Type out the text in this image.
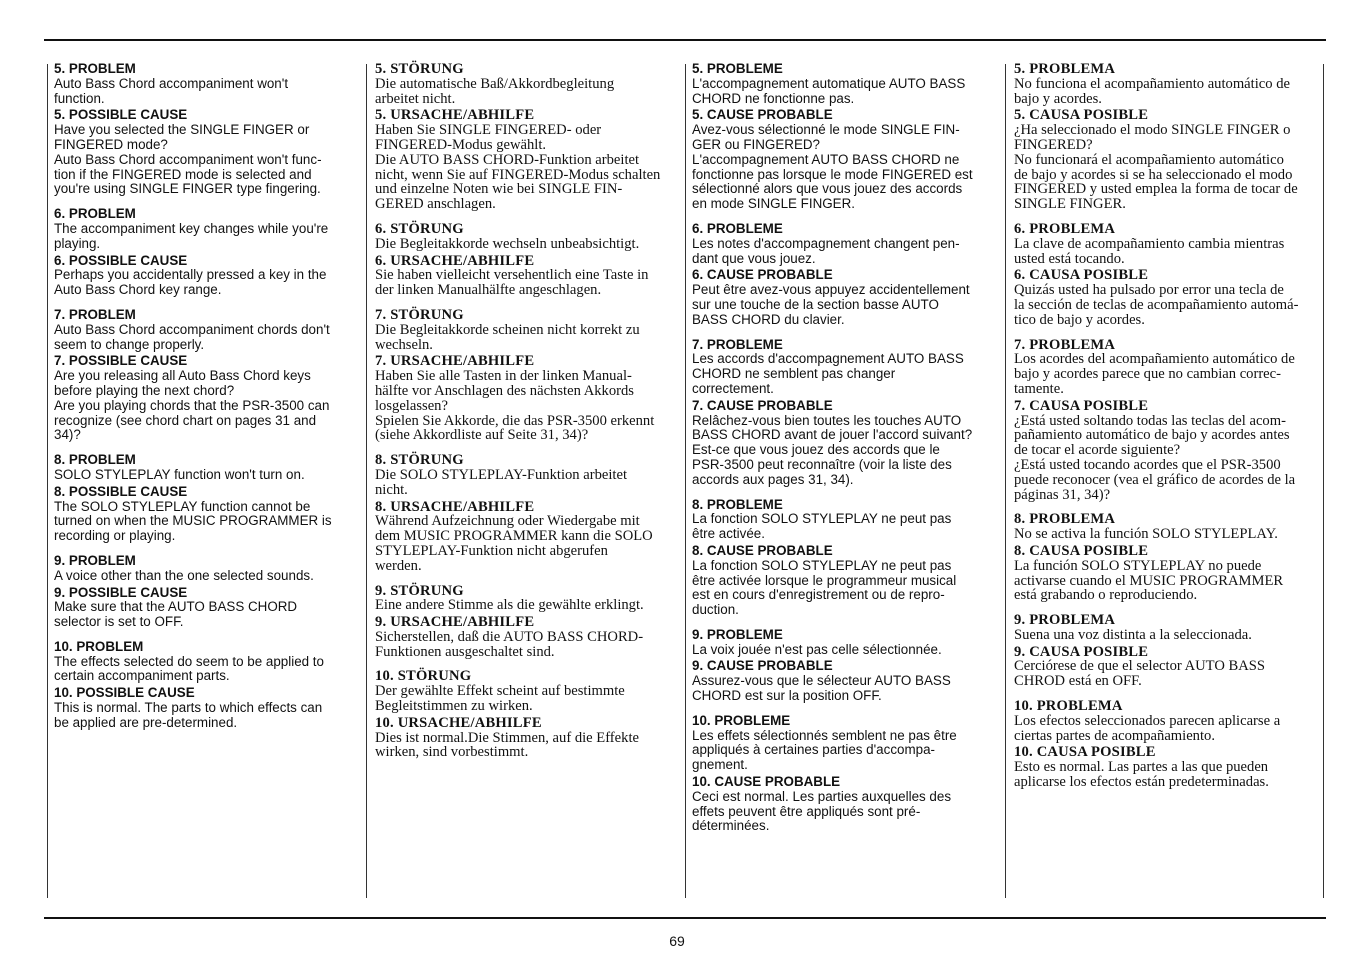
5. PROBLEM
Auto Bass Chord accompaniment won't
function.
5. POSSIBLE CAUSE
Have you selected the SINGLE FINGER or
FINGERED mode?
Auto Bass Chord accompaniment won't func-
tion if the FINGERED mode is selected and
you're using SINGLE FINGER type fingering.
6. PROBLEM
The accompaniment key changes while you're
playing.
6. POSSIBLE CAUSE
Perhaps you accidentally pressed a key in the
Auto Bass Chord key range.
7. PROBLEM
Auto Bass Chord accompaniment chords don't
seem to change properly.
7. POSSIBLE CAUSE
Are you releasing all Auto Bass Chord keys
before playing the next chord?
Are you playing chords that the PSR-3500 can
recognize (see chord chart on pages 31 and
34)?
8. PROBLEM
SOLO STYLEPLAY function won't turn on.
8. POSSIBLE CAUSE
The SOLO STYLEPLAY function cannot be
turned on when the MUSIC PROGRAMMER is
recording or playing.
9. PROBLEM
A voice other than the one selected sounds.
9. POSSIBLE CAUSE
Make sure that the AUTO BASS CHORD
selector is set to OFF.
10. PROBLEM
The effects selected do seem to be applied to
certain accompaniment parts.
10. POSSIBLE CAUSE
This is normal. The parts to which effects can
be applied are pre-determined.
5. STÖRUNG
Die automatische Baß/Akkordbegleitung
arbeitet nicht.
5. URSACHE/ABHILFE
Haben Sie SINGLE FINGERED- oder
FINGERED-Modus gewählt.
Die AUTO BASS CHORD-Funktion arbeitet
nicht, wenn Sie auf FINGERED-Modus schalten
und einzelne Noten wie bei SINGLE FIN-
GERED anschlagen.
6. STÖRUNG
Die Begleitakkorde wechseln unbeabsichtigt.
6. URSACHE/ABHILFE
Sie haben vielleicht versehentlich eine Taste in
der linken Manualhälfte angeschlagen.
7. STÖRUNG
Die Begleitakkorde scheinen nicht korrekt zu
wechseln.
7. URSACHE/ABHILFE
Haben Sie alle Tasten in der linken Manual-
hälfte vor Anschlagen des nächsten Akkords
losgelassen?
Spielen Sie Akkorde, die das PSR-3500 erkennt
(siehe Akkordliste auf Seite 31, 34)?
8. STÖRUNG
Die SOLO STYLEPLAY-Funktion arbeitet
nicht.
8. URSACHE/ABHILFE
Während Aufzeichnung oder Wiedergabe mit
dem MUSIC PROGRAMMER kann die SOLO
STYLEPLAY-Funktion nicht abgerufen
werden.
9. STÖRUNG
Eine andere Stimme als die gewählte erklingt.
9. URSACHE/ABHILFE
Sicherstellen, daß die AUTO BASS CHORD-
Funktionen ausgeschaltet sind.
10. STÖRUNG
Der gewählte Effekt scheint auf bestimmte
Begleitstimmen zu wirken.
10. URSACHE/ABHILFE
Dies ist normal.Die Stimmen, auf die Effekte
wirken, sind vorbestimmt.
5. PROBLEME
L'accompagnement automatique AUTO BASS
CHORD ne fonctionne pas.
5. CAUSE PROBABLE
Avez-vous sélectionné le mode SINGLE FIN-
GER ou FINGERED?
L'accompagnement AUTO BASS CHORD ne
fonctionne pas lorsque le mode FINGERED est
sélectionné alors que vous jouez des accords
en mode SINGLE FINGER.
6. PROBLEME
Les notes d'accompagnement changent pen-
dant que vous jouez.
6. CAUSE PROBABLE
Peut être avez-vous appuyez accidentellement
sur une touche de la section basse AUTO
BASS CHORD du clavier.
7. PROBLEME
Les accords d'accompagnement AUTO BASS
CHORD ne semblent pas changer
correctement.
7. CAUSE PROBABLE
Relâchez-vous bien toutes les touches AUTO
BASS CHORD avant de jouer l'accord suivant?
Est-ce que vous jouez des accords que le
PSR-3500 peut reconnaître (voir la liste des
accords aux pages 31, 34).
8. PROBLEME
La fonction SOLO STYLEPLAY ne peut pas
être activée.
8. CAUSE PROBABLE
La fonction SOLO STYLEPLAY ne peut pas
être activée lorsque le programmeur musical
est en cours d'enregistrement ou de repro-
duction.
9. PROBLEME
La voix jouée n'est pas celle sélectionnée.
9. CAUSE PROBABLE
Assurez-vous que le sélecteur AUTO BASS
CHORD est sur la position OFF.
10. PROBLEME
Les effets sélectionnés semblent ne pas être
appliqués à certaines parties d'accompa-
gnement.
10. CAUSE PROBABLE
Ceci est normal. Les parties auxquelles des
effets peuvent être appliqués sont pré-
déterminées.
5. PROBLEMA
No funciona el acompañamiento automático de
bajo y acordes.
5. CAUSA POSIBLE
¿Ha seleccionado el modo SINGLE FINGER o
FINGERED?
No funcionará el acompañamiento automático
de bajo y acordes si se ha seleccionado el modo
FINGERED y usted emplea la forma de tocar de
SINGLE FINGER.
6. PROBLEMA
La clave de acompañamiento cambia mientras
usted está tocando.
6. CAUSA POSIBLE
Quizás usted ha pulsado por error una tecla de
la sección de teclas de acompañamiento automá-
tico de bajo y acordes.
7. PROBLEMA
Los acordes del acompañamiento automático de
bajo y acordes parece que no cambian correc-
tamente.
7. CAUSA POSIBLE
¿Está usted soltando todas las teclas del acom-
pañamiento automático de bajo y acordes antes
de tocar el acorde siguiente?
¿Está usted tocando acordes que el PSR-3500
puede reconocer (vea el gráfico de acordes de la
páginas 31, 34)?
8. PROBLEMA
No se activa la función SOLO STYLEPLAY.
8. CAUSA POSIBLE
La función SOLO STYLEPLAY no puede
activarse cuando el MUSIC PROGRAMMER
está grabando o reproduciendo.
9. PROBLEMA
Suena una voz distinta a la seleccionada.
9. CAUSA POSIBLE
Cerciórese de que el selector AUTO BASS
CHROD está en OFF.
10. PROBLEMA
Los efectos seleccionados parecen aplicarse a
ciertas partes de acompañamiento.
10. CAUSA POSIBLE
Esto es normal. Las partes a las que pueden
aplicarse los efectos están predeterminadas.
69
